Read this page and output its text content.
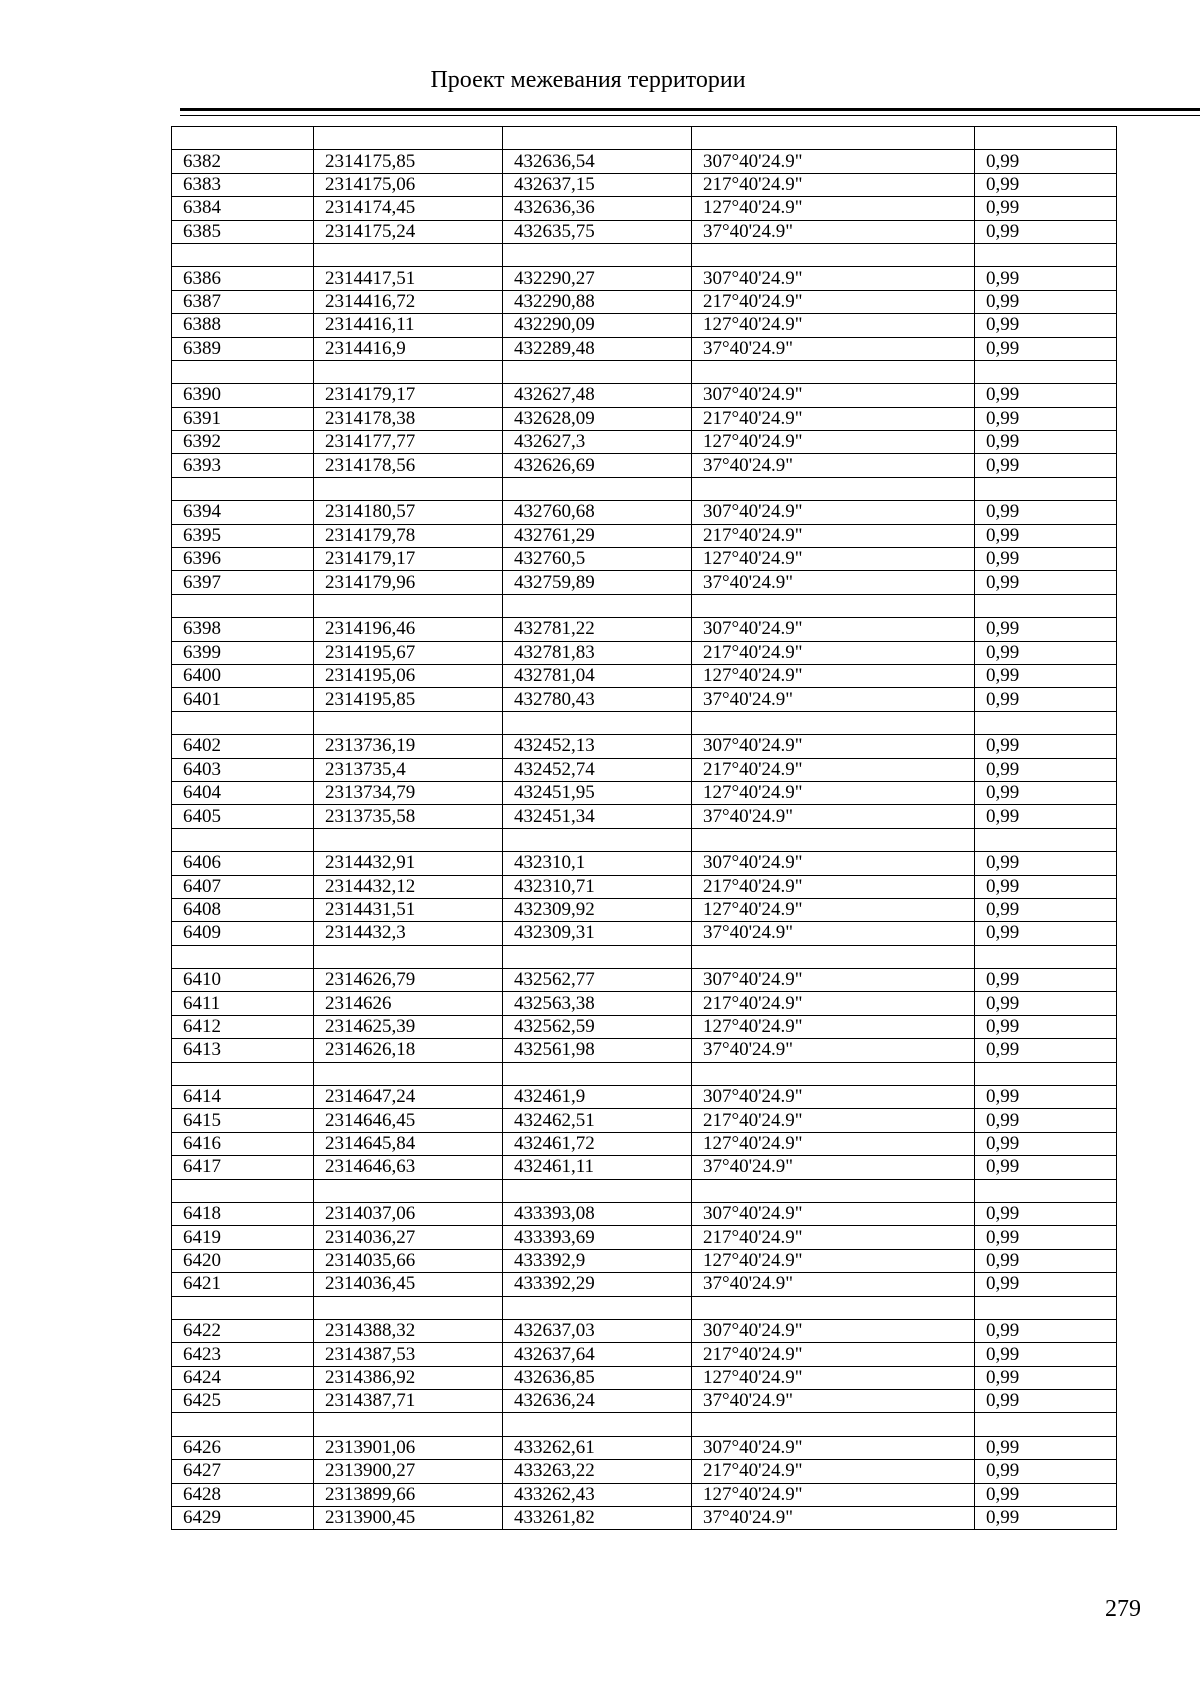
Проект межевания территории

6382	2314175,85	432636,54	307°40'24.9"	0,99
6383	2314175,06	432637,15	217°40'24.9"	0,99
6384	2314174,45	432636,36	127°40'24.9"	0,99
6385	2314175,24	432635,75	37°40'24.9"	0,99

6386	2314417,51	432290,27	307°40'24.9"	0,99
6387	2314416,72	432290,88	217°40'24.9"	0,99
6388	2314416,11	432290,09	127°40'24.9"	0,99
6389	2314416,9	432289,48	37°40'24.9"	0,99

6390	2314179,17	432627,48	307°40'24.9"	0,99
6391	2314178,38	432628,09	217°40'24.9"	0,99
6392	2314177,77	432627,3	127°40'24.9"	0,99
6393	2314178,56	432626,69	37°40'24.9"	0,99

6394	2314180,57	432760,68	307°40'24.9"	0,99
6395	2314179,78	432761,29	217°40'24.9"	0,99
6396	2314179,17	432760,5	127°40'24.9"	0,99
6397	2314179,96	432759,89	37°40'24.9"	0,99

6398	2314196,46	432781,22	307°40'24.9"	0,99
6399	2314195,67	432781,83	217°40'24.9"	0,99
6400	2314195,06	432781,04	127°40'24.9"	0,99
6401	2314195,85	432780,43	37°40'24.9"	0,99

6402	2313736,19	432452,13	307°40'24.9"	0,99
6403	2313735,4	432452,74	217°40'24.9"	0,99
6404	2313734,79	432451,95	127°40'24.9"	0,99
6405	2313735,58	432451,34	37°40'24.9"	0,99

6406	2314432,91	432310,1	307°40'24.9"	0,99
6407	2314432,12	432310,71	217°40'24.9"	0,99
6408	2314431,51	432309,92	127°40'24.9"	0,99
6409	2314432,3	432309,31	37°40'24.9"	0,99

6410	2314626,79	432562,77	307°40'24.9"	0,99
6411	2314626	432563,38	217°40'24.9"	0,99
6412	2314625,39	432562,59	127°40'24.9"	0,99
6413	2314626,18	432561,98	37°40'24.9"	0,99

6414	2314647,24	432461,9	307°40'24.9"	0,99
6415	2314646,45	432462,51	217°40'24.9"	0,99
6416	2314645,84	432461,72	127°40'24.9"	0,99
6417	2314646,63	432461,11	37°40'24.9"	0,99

6418	2314037,06	433393,08	307°40'24.9"	0,99
6419	2314036,27	433393,69	217°40'24.9"	0,99
6420	2314035,66	433392,9	127°40'24.9"	0,99
6421	2314036,45	433392,29	37°40'24.9"	0,99

6422	2314388,32	432637,03	307°40'24.9"	0,99
6423	2314387,53	432637,64	217°40'24.9"	0,99
6424	2314386,92	432636,85	127°40'24.9"	0,99
6425	2314387,71	432636,24	37°40'24.9"	0,99

6426	2313901,06	433262,61	307°40'24.9"	0,99
6427	2313900,27	433263,22	217°40'24.9"	0,99
6428	2313899,66	433262,43	127°40'24.9"	0,99
6429	2313900,45	433261,82	37°40'24.9"	0,99
279
